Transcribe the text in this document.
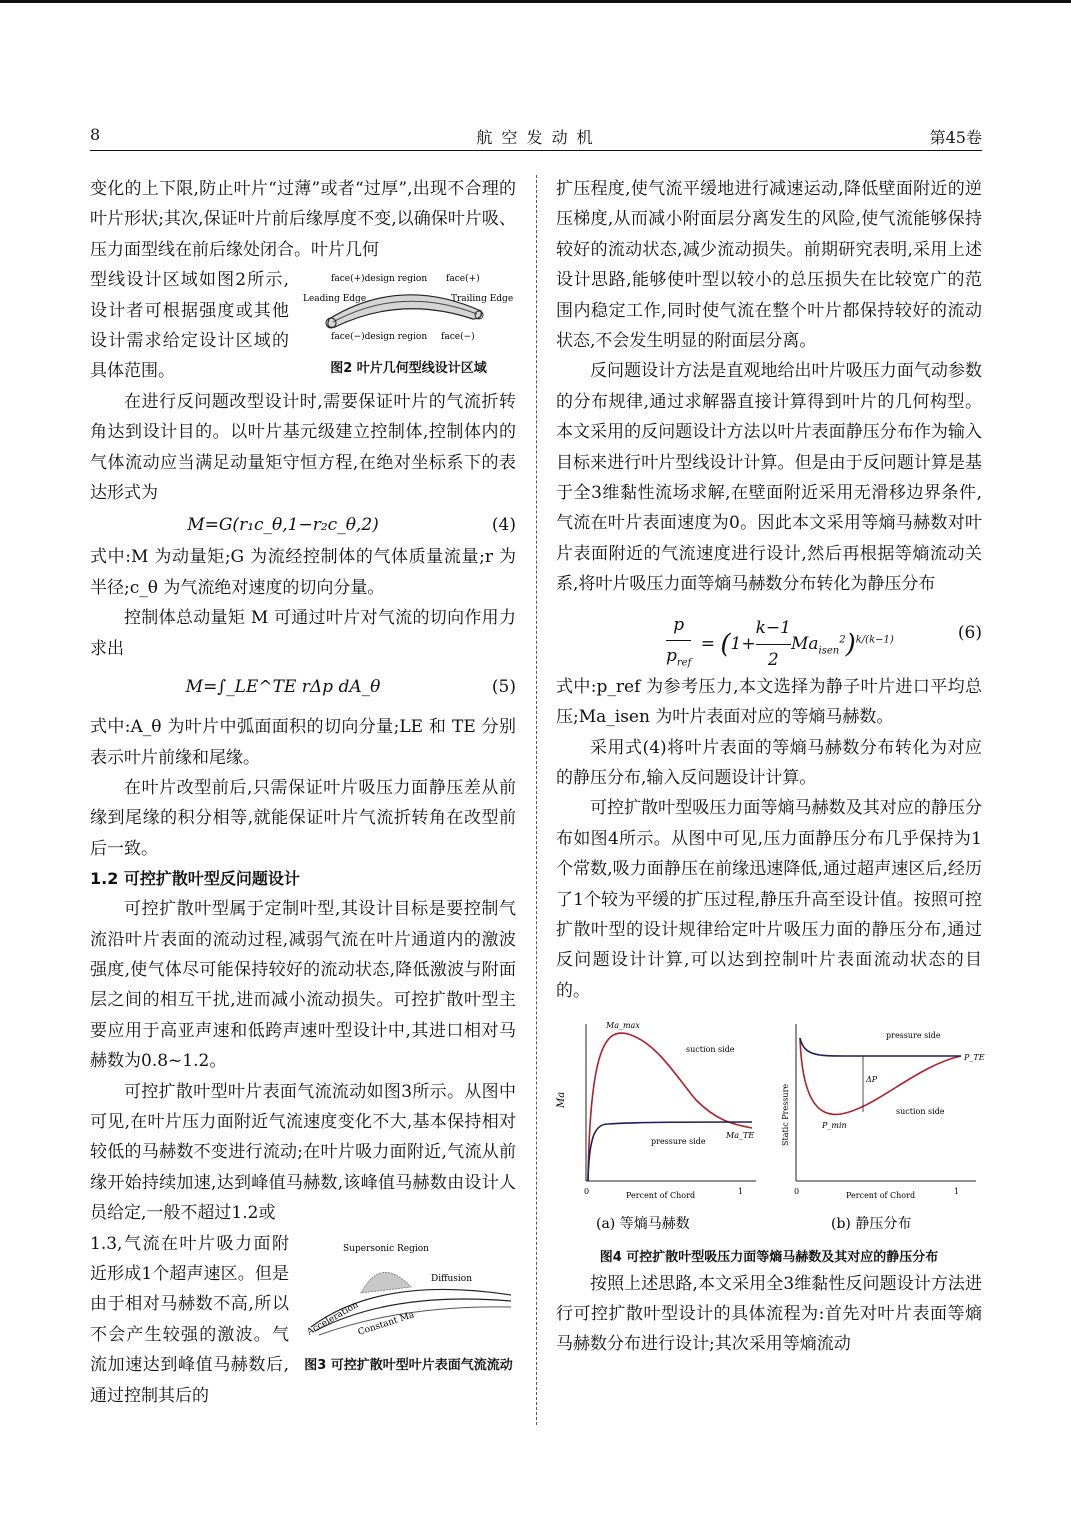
8	航 空 发 动 机	第45卷

变化的上下限,防止叶片“过薄”或者“过厚”,出现不合理的叶片形状;其次,保证叶片前后缘厚度不变,以确保叶片吸、压力面型线在前后缘处闭合。叶片几何

face(+)design region face(+)
Leading Edge	Trailing Edge
face(−)design region face(−)
图2 叶片几何型线设计区域

型线设计区域如图2所示,设计者可根据强度或其他设计需求给定设计区域的具体范围。

在进行反问题改型设计时,需要保证叶片的气流折转角达到设计目的。以叶片基元级建立控制体,控制体内的气体流动应当满足动量矩守恒方程,在绝对坐标系下的表达形式为

M=G(r₁c_θ,1−r₂c_θ,2)	(4)

式中:M 为动量矩;G 为流经控制体的气体质量流量;r 为半径;c_θ 为气流绝对速度的切向分量。

控制体总动量矩 M 可通过叶片对气流的切向作用力求出

M=∫_LE^TE rΔp dA_θ	(5)

式中:A_θ 为叶片中弧面面积的切向分量;LE 和 TE 分别表示叶片前缘和尾缘。

在叶片改型前后,只需保证叶片吸压力面静压差从前缘到尾缘的积分相等,就能保证叶片气流折转角在改型前后一致。

1.2 可控扩散叶型反问题设计

可控扩散叶型属于定制叶型,其设计目标是要控制气流沿叶片表面的流动过程,减弱气流在叶片通道内的激波强度,使气体尽可能保持较好的流动状态,降低激波与附面层之间的相互干扰,进而减小流动损失。可控扩散叶型主要应用于高亚声速和低跨声速叶型设计中,其进口相对马赫数为0.8~1.2。

可控扩散叶型叶片表面气流流动如图3所示。从图中可见,在叶片压力面附近气流速度变化不大,基本保持相对较低的马赫数不变进行流动;在叶片吸力面附近,气流从前缘开始持续加速,达到峰值马赫数,该峰值马赫数由设计人员给定,一般不超过1.2或

Supersonic Region
Diffusion
Acceleration
Constant Ma
图3 可控扩散叶型叶片表面气流流动

1.3,气流在叶片吸力面附近形成1个超声速区。但是由于相对马赫数不高,所以不会产生较强的激波。气流加速达到峰值马赫数后,通过控制其后的

扩压程度,使气流平缓地进行减速运动,降低壁面附近的逆压梯度,从而减小附面层分离发生的风险,使气流能够保持较好的流动状态,减少流动损失。前期研究表明,采用上述设计思路,能够使叶型以较小的总压损失在比较宽广的范围内稳定工作,同时使气流在整个叶片都保持较好的流动状态,不会发生明显的附面层分离。

反问题设计方法是直观地给出叶片吸压力面气动参数的分布规律,通过求解器直接计算得到叶片的几何构型。本文采用的反问题设计方法以叶片表面静压分布作为输入目标来进行叶片型线设计计算。但是由于反问题计算是基于全3维黏性流场求解,在壁面附近采用无滑移边界条件,气流在叶片表面速度为0。因此本文采用等熵马赫数对叶片表面附近的气流速度进行设计,然后再根据等熵流动关系,将叶片吸压力面等熵马赫数分布转化为静压分布

$\frac{p}{p_{ref}} = (1+ \frac{k-1}{2} Ma_{isen}^2)^{k/(k-1)}$	(6)

式中:p_ref 为参考压力,本文选择为静子叶片进口平均总压;Ma_isen 为叶片表面对应的等熵马赫数。

采用式(4)将叶片表面的等熵马赫数分布转化为对应的静压分布,输入反问题设计计算。

可控扩散叶型吸压力面等熵马赫数及其对应的静压分布如图4所示。从图中可见,压力面静压分布几乎保持为1个常数,吸力面静压在前缘迅速降低,通过超声速区后,经历了1个较为平缓的扩压过程,静压升高至设计值。按照可控扩散叶型的设计规律给定叶片吸压力面的静压分布,通过反问题设计计算,可以达到控制叶片表面流动状态的目的。

Ma
Ma_max
suction side
pressure side
Ma_TE
0	1
Percent of Chord
Static Pressure
ΔP
pressure side
suction side
P_TE
P_min
0	1
Percent of Chord
(a) 等熵马赫数	(b) 静压分布
图4 可控扩散叶型吸压力面等熵马赫数及其对应的静压分布

按照上述思路,本文采用全3维黏性反问题设计方法进行可控扩散叶型设计的具体流程为:首先对叶片表面等熵马赫数分布进行设计;其次采用等熵流动
